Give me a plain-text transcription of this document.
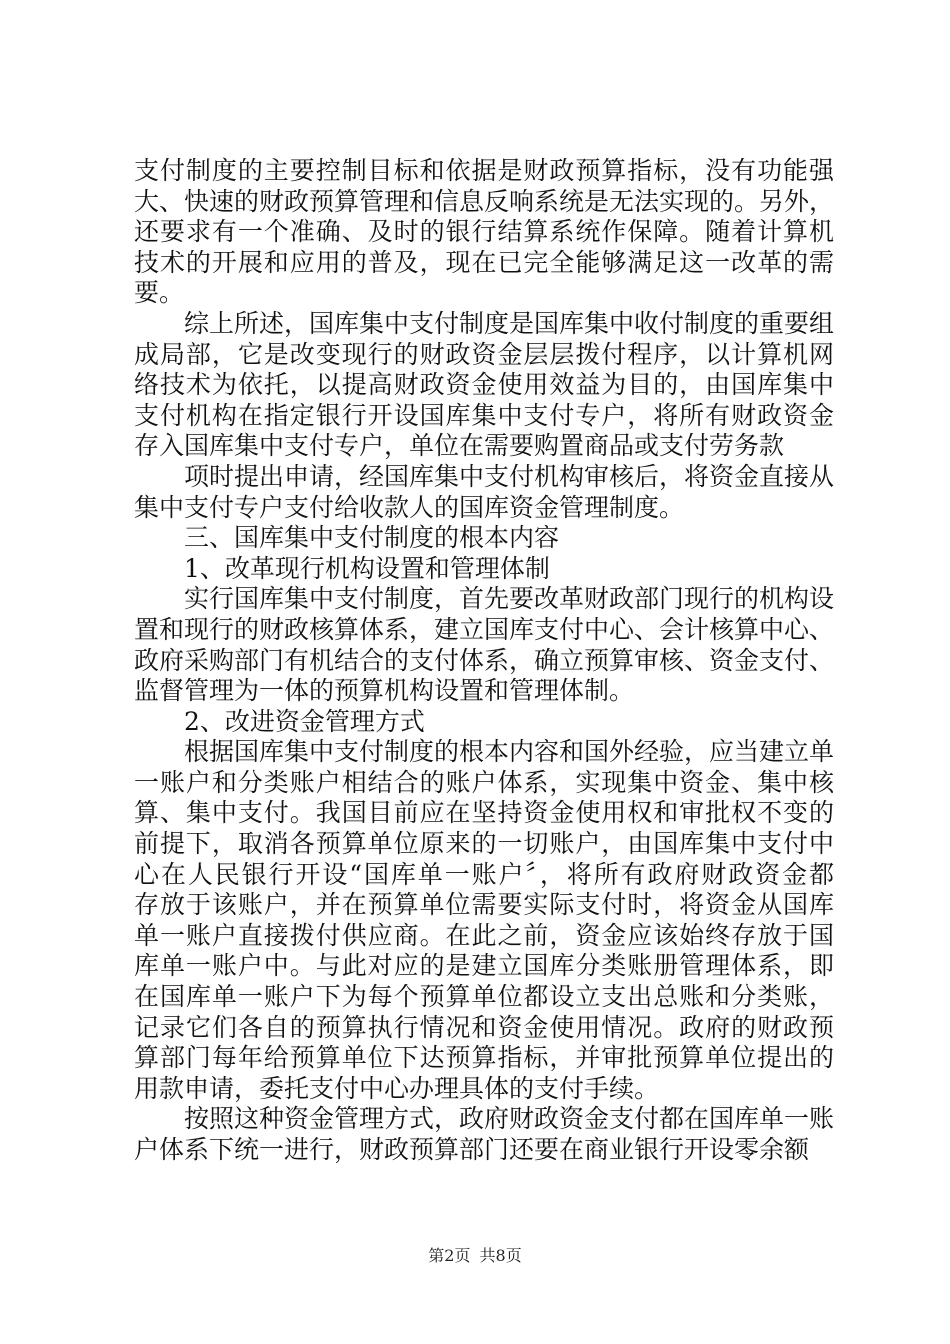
支付制度的主要控制目标和依据是财政预算指标，没有功能强
大、快速的财政预算管理和信息反响系统是无法实现的。另外，
还要求有一个准确、及时的银行结算系统作保障。随着计算机
技术的开展和应用的普及，现在已完全能够满足这一改革的需
要。
综上所述，国库集中支付制度是国库集中收付制度的重要组
成局部，它是改变现行的财政资金层层拨付程序，以计算机网
络技术为依托，以提高财政资金使用效益为目的，由国库集中
支付机构在指定银行开设国库集中支付专户，将所有财政资金
存入国库集中支付专户，单位在需要购置商品或支付劳务款
项时提出申请，经国库集中支付机构审核后，将资金直接从
集中支付专户支付给收款人的国库资金管理制度。
三、国库集中支付制度的根本内容
1、改革现行机构设置和管理体制
实行国库集中支付制度，首先要改革财政部门现行的机构设
置和现行的财政核算体系，建立国库支付中心、会计核算中心、
政府采购部门有机结合的支付体系，确立预算审核、资金支付、
监督管理为一体的预算机构设置和管理体制。
2、改进资金管理方式
根据国库集中支付制度的根本内容和国外经验，应当建立单
一账户和分类账户相结合的账户体系，实现集中资金、集中核
算、集中支付。我国目前应在坚持资金使用权和审批权不变的
前提下，取消各预算单位原来的一切账户，由国库集中支付中
心在人民银行开设“国库单一账户〞，将所有政府财政资金都
存放于该账户，并在预算单位需要实际支付时，将资金从国库
单一账户直接拨付供应商。在此之前，资金应该始终存放于国
库单一账户中。与此对应的是建立国库分类账册管理体系，即
在国库单一账户下为每个预算单位都设立支出总账和分类账，
记录它们各自的预算执行情况和资金使用情况。政府的财政预
算部门每年给预算单位下达预算指标，并审批预算单位提出的
用款申请，委托支付中心办理具体的支付手续。
按照这种资金管理方式，政府财政资金支付都在国库单一账
户体系下统一进行，财政预算部门还要在商业银行开设零余额
第2页 共8页
